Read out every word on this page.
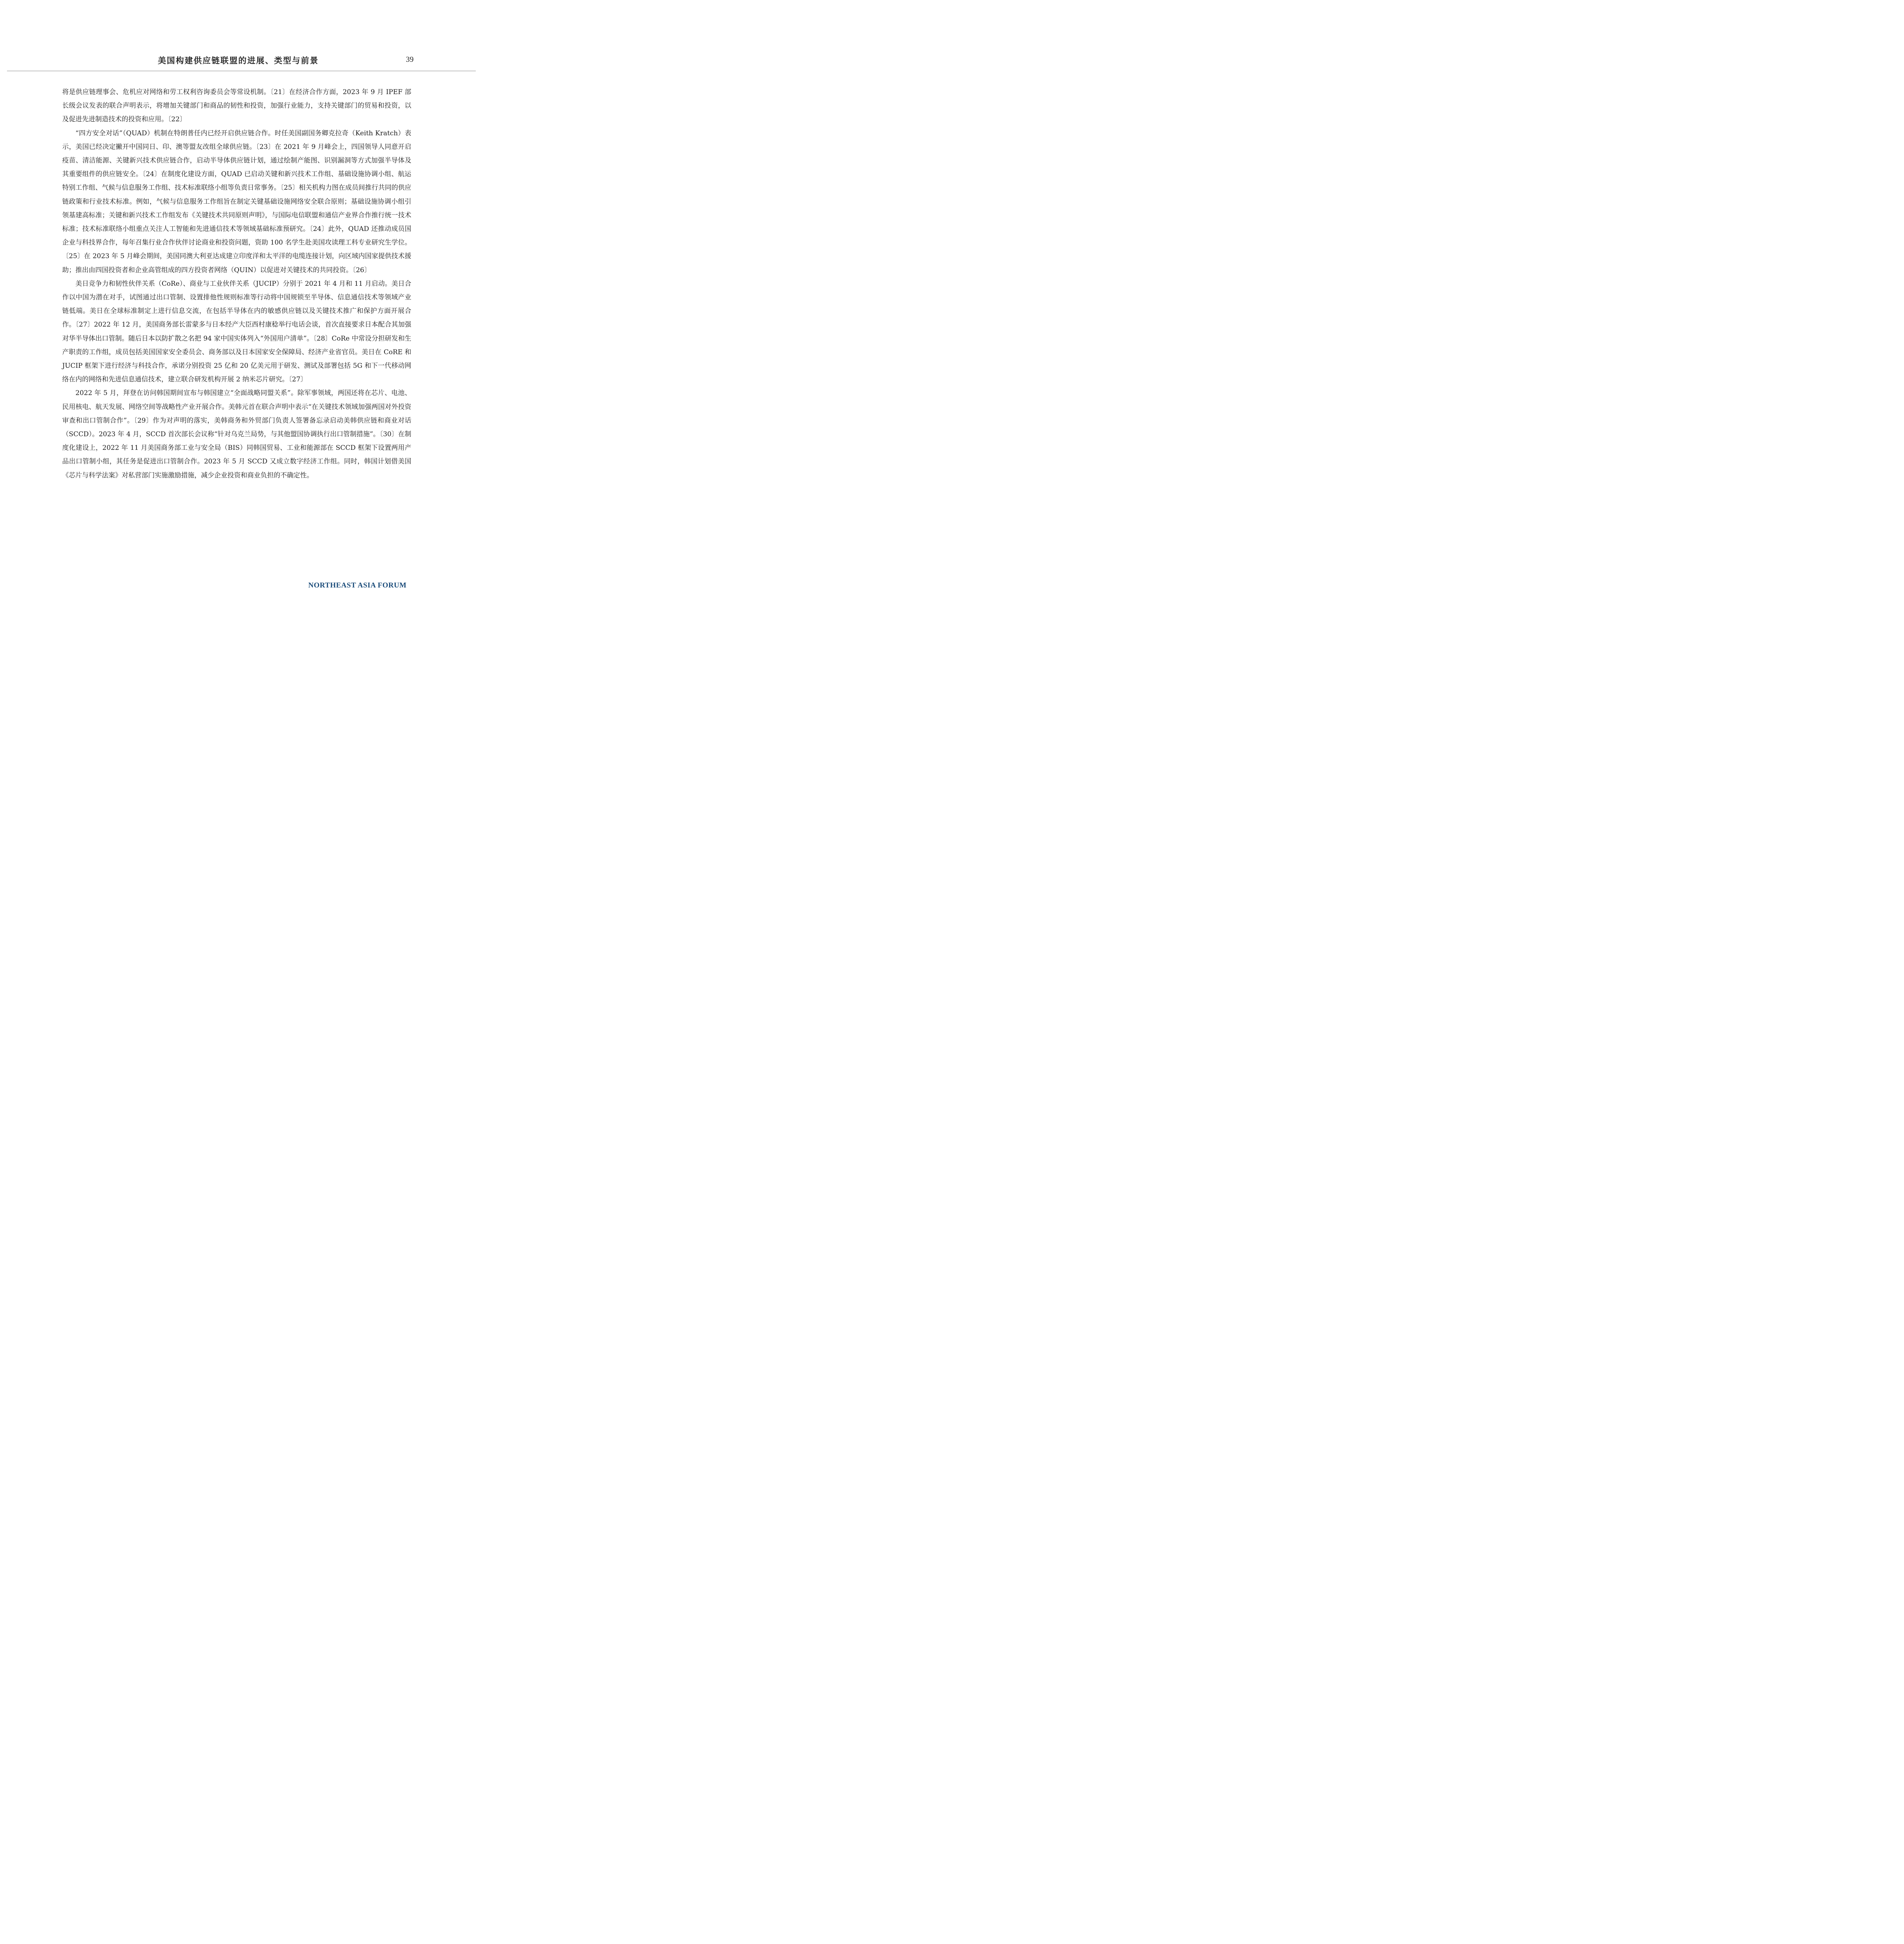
美国构建供应链联盟的进展、类型与前景	39

将是供应链理事会、危机应对网络和劳工权利咨询委员会等常设机制。〔21〕在经济合作方面，2023 年 9 月 IPEF 部长级会议发表的联合声明表示，将增加关键部门和商品的韧性和投资，加强行业能力，支持关键部门的贸易和投资，以及促进先进制造技术的投资和应用。〔22〕

“四方安全对话”（QUAD）机制在特朗普任内已经开启供应链合作。时任美国副国务卿克拉奇（Keith Kratch）表示，美国已经决定撇开中国同日、印、澳等盟友改组全球供应链。〔23〕在 2021 年 9 月峰会上，四国领导人同意开启疫苗、清洁能源、关键新兴技术供应链合作，启动半导体供应链计划，通过绘制产能图、识别漏洞等方式加强半导体及其重要组件的供应链安全。〔24〕在制度化建设方面，QUAD 已启动关键和新兴技术工作组、基础设施协调小组、航运特别工作组、气候与信息服务工作组、技术标准联络小组等负责日常事务。〔25〕相关机构力图在成员间推行共同的供应链政策和行业技术标准。例如，气候与信息服务工作组旨在制定关键基础设施网络安全联合原则；基础设施协调小组引领基建高标准；关键和新兴技术工作组发布《关键技术共同原则声明》，与国际电信联盟和通信产业界合作推行统一技术标准；技术标准联络小组重点关注人工智能和先进通信技术等领域基础标准预研究。〔24〕此外，QUAD 还推动成员国企业与科技界合作，每年召集行业合作伙伴讨论商业和投资问题，资助 100 名学生赴美国攻读理工科专业研究生学位。〔25〕在 2023 年 5 月峰会期间，美国同澳大利亚达成建立印度洋和太平洋的电缆连接计划，向区域内国家提供技术援助；推出由四国投资者和企业高管组成的四方投资者网络（QUIN）以促进对关键技术的共同投资。〔26〕

美日竞争力和韧性伙伴关系（CoRe）、商业与工业伙伴关系（JUCIP）分别于 2021 年 4 月和 11 月启动。美日合作以中国为潜在对手，试图通过出口管制、设置排他性规则标准等行动将中国规锁至半导体、信息通信技术等领域产业链低端。美日在全球标准制定上进行信息交流，在包括半导体在内的敏感供应链以及关键技术推广和保护方面开展合作。〔27〕2022 年 12 月，美国商务部长雷蒙多与日本经产大臣西村康稔举行电话会谈，首次直接要求日本配合其加强对华半导体出口管制。随后日本以防扩散之名把 94 家中国实体列入“外国用户清单”。〔28〕CoRe 中常设分担研发和生产职责的工作组，成员包括美国国家安全委员会、商务部以及日本国家安全保障局、经济产业省官员。美日在 CoRE 和 JUCIP 框架下进行经济与科技合作，承诺分别投资 25 亿和 20 亿美元用于研发、测试及部署包括 5G 和下一代移动网络在内的网络和先进信息通信技术，建立联合研发机构开展 2 纳米芯片研究。〔27〕

2022 年 5 月，拜登在访问韩国期间宣布与韩国建立“全面战略同盟关系”。除军事领域，两国还将在芯片、电池、民用核电、航天发展、网络空间等战略性产业开展合作。美韩元首在联合声明中表示“在关键技术领域加强两国对外投资审查和出口管制合作”。〔29〕作为对声明的落实，美韩商务和外贸部门负责人签署备忘录启动美韩供应链和商业对话（SCCD）。2023 年 4 月，SCCD 首次部长会议称“针对乌克兰局势，与其他盟国协调执行出口管制措施”。〔30〕在制度化建设上，2022 年 11 月美国商务部工业与安全局（BIS）同韩国贸易、工业和能源部在 SCCD 框架下设置两用产品出口管制小组，其任务是促进出口管制合作。2023 年 5 月 SCCD 又成立数字经济工作组。同时，韩国计划借美国《芯片与科学法案》对私营部门实施激励措施，减少企业投资和商业负担的不确定性。

NORTHEAST ASIA FORUM
